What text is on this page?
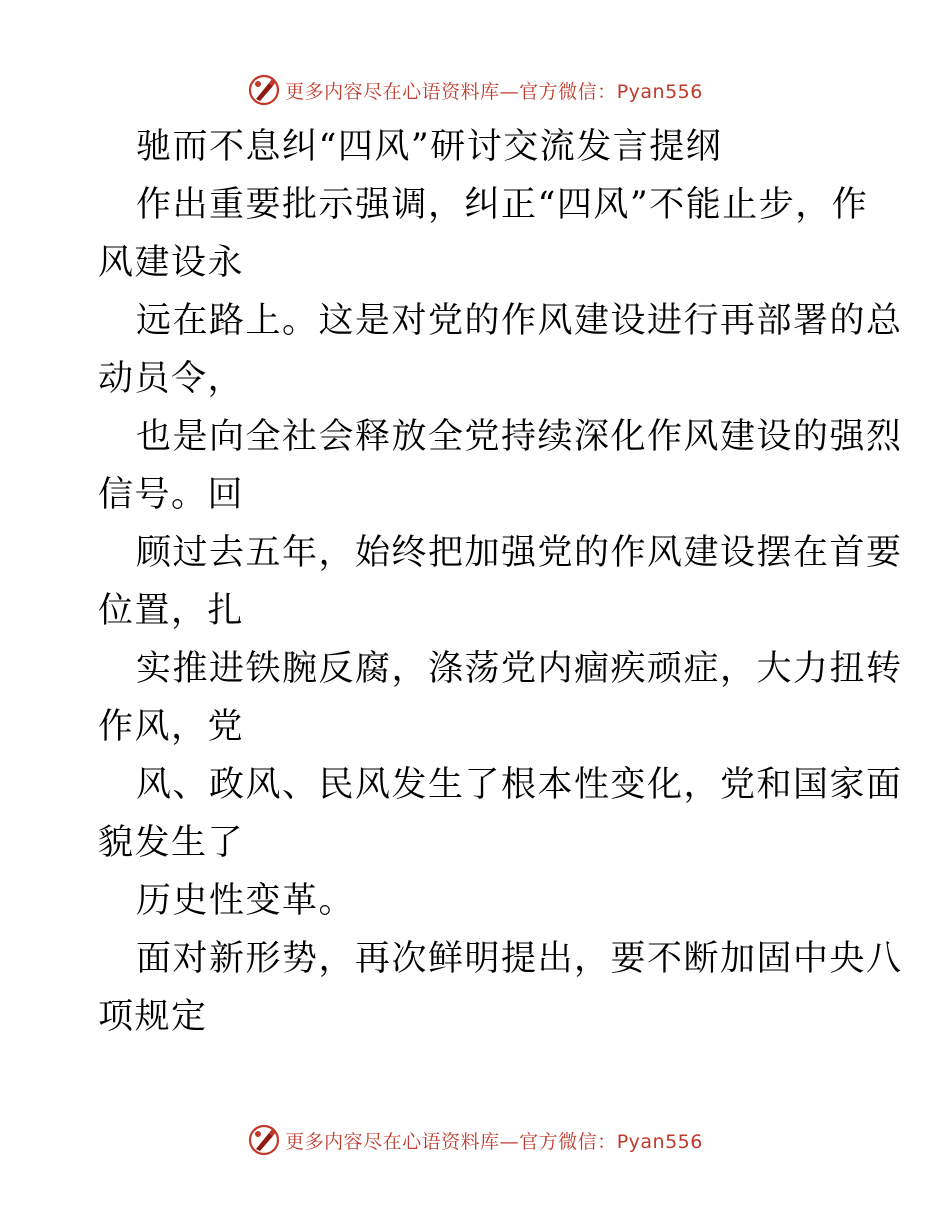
更多内容尽在心语资料库—官方微信：Pyan556
驰而不息纠“四风”研讨交流发言提纲
作出重要批示强调，纠正“四风”不能止步，作
风建设永
远在路上。这是对党的作风建设进行再部署的总
动员令，
也是向全社会释放全党持续深化作风建设的强烈
信号。回
顾过去五年，始终把加强党的作风建设摆在首要
位置，扎
实推进铁腕反腐，涤荡党内痼疾顽症，大力扭转
作风，党
风、政风、民风发生了根本性变化，党和国家面
貌发生了
历史性变革。
面对新形势，再次鲜明提出，要不断加固中央八
项规定
更多内容尽在心语资料库—官方微信：Pyan556
